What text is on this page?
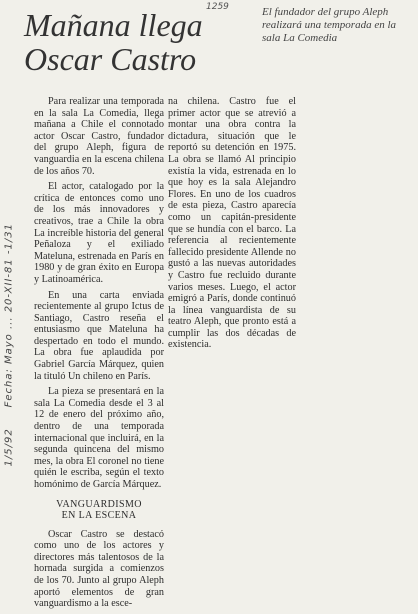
Mañana llega
Oscar Castro
El fundador del grupo Aleph realizará una temporada en la sala La Comedia
1259
1/5/92     Fecha: Mayo ... 20-XII-81 -1/31

Para realizar una temporada en la sala La Comedia, llega mañana a Chile el connotado actor Oscar Castro, fundador del grupo Aleph, figura de vanguardia en la escena chilena de los años 70.

El actor, catalogado por la crítica de entonces como uno de los más innovadores y creativos, trae a Chile la obra La increíble historia del general Peñaloza y el exiliado Mateluna, estrenada en París en 1980 y de gran éxito en Europa y Latinoamérica.

En una carta enviada recientemente al grupo Ictus de Santiago, Castro reseña el entusiasmo que Mateluna ha despertado en todo el mundo. La obra fue aplaudida por Gabriel García Márquez, quien la tituló Un chileno en París.

La pieza se presentará en la sala La Comedia desde el 3 al 12 de enero del próximo año, dentro de una temporada internacional que incluirá, en la segunda quincena del mismo mes, la obra El coronel no tiene quién le escriba, según el texto homónimo de García Márquez.

VANGUARDISMO
EN LA ESCENA

Oscar Castro se destacó como uno de los actores y directores más talentosos de la hornada surgida a comienzos de los 70. Junto al grupo Aleph aportó elementos de gran vanguardismo a la esce-

na chilena. Castro fue el primer actor que se atrevió a montar una obra contra la dictadura, situación que le reportó su detención en 1975. La obra se llamó Al principio existía la vida, estrenada en lo que hoy es la sala Alejandro Flores. En uno de los cuadros de esta pieza, Castro aparecía como un capitán-presidente que se hundía con el barco. La referencia al recientemente fallecido presidente Allende no gustó a las nuevas autoridades y Castro fue recluido durante varios meses. Luego, el actor emigró a París, donde continuó la línea vanguardista de su teatro Aleph, que pronto está a cumplir las dos décadas de existencia.
